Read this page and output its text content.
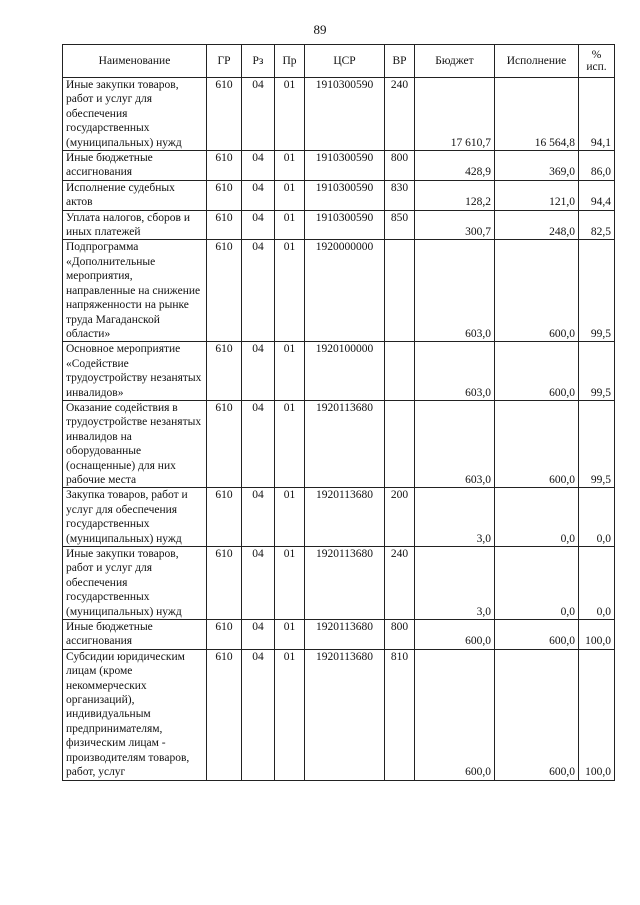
89
Наименование	ГР	Рз	Пр	ЦСР	ВР	Бюджет	Исполнение	%
исп.
Иные закупки товаров, работ и услуг для обеспечения государственных (муниципальных) нужд	610	04	01	1910300590	240	17 610,7	16 564,8	94,1
Иные бюджетные ассигнования	610	04	01	1910300590	800	428,9	369,0	86,0
Исполнение судебных актов	610	04	01	1910300590	830	128,2	121,0	94,4
Уплата налогов, сборов и иных платежей	610	04	01	1910300590	850	300,7	248,0	82,5
Подпрограмма «Дополнительные мероприятия, направленные на снижение напряженности на рынке труда Магаданской области»	610	04	01	1920000000		603,0	600,0	99,5
Основное мероприятие «Содействие трудоустройству незанятых инвалидов»	610	04	01	1920100000		603,0	600,0	99,5
Оказание содействия в трудоустройстве незанятых инвалидов на оборудованные (оснащенные) для них рабочие места	610	04	01	1920113680		603,0	600,0	99,5
Закупка товаров, работ и услуг для обеспечения государственных (муниципальных) нужд	610	04	01	1920113680	200	3,0	0,0	0,0
Иные закупки товаров, работ и услуг для обеспечения государственных (муниципальных) нужд	610	04	01	1920113680	240	3,0	0,0	0,0
Иные бюджетные ассигнования	610	04	01	1920113680	800	600,0	600,0	100,0
Субсидии юридическим лицам (кроме некоммерческих организаций), индивидуальным предпринимателям, физическим лицам - производителям товаров, работ, услуг	610	04	01	1920113680	810	600,0	600,0	100,0
